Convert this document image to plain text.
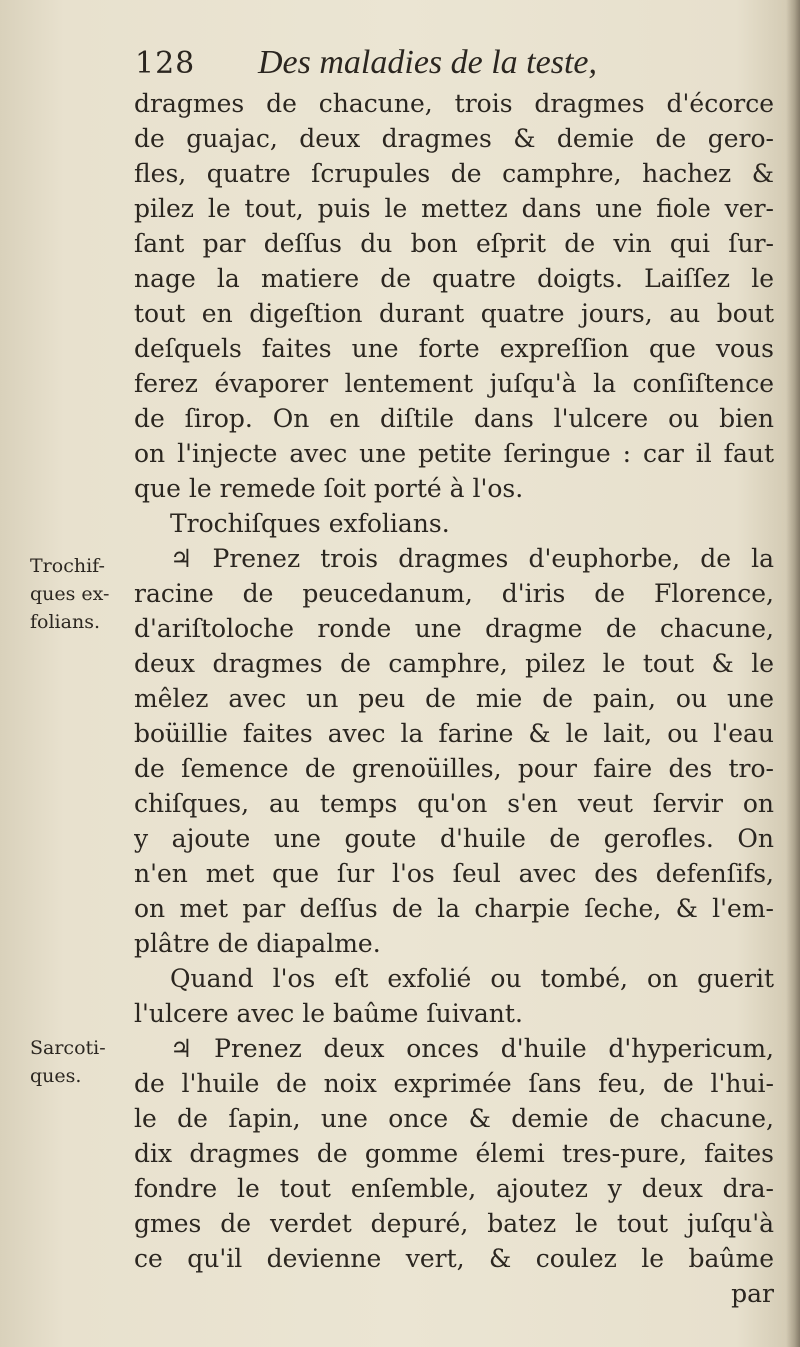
128 Des maladies de la teste,
Trochif-
ques ex-
folians.
Sarcoti-
ques.
dragmes de chacune, trois dragmes d'écorce
de guajac, deux dragmes & demie de gero-
fles, quatre ſcrupules de camphre, hachez &
pilez le tout, puis le mettez dans une fiole ver-
ſant par deſſus du bon eſprit de vin qui ſur-
nage la matiere de quatre doigts. Laiſſez le
tout en digeſtion durant quatre jours, au bout
deſquels faites une forte expreſſion que vous
ferez évaporer lentement juſqu'à la conſiſtence
de ſirop. On en diſtile dans l'ulcere ou bien
on l'injecte avec une petite ſeringue : car il faut
que le remede ſoit porté à l'os.
Trochiſques exfolians.
♃ Prenez trois dragmes d'euphorbe, de la
racine de peucedanum, d'iris de Florence,
d'ariſtoloche ronde une dragme de chacune,
deux dragmes de camphre, pilez le tout & le
mêlez avec un peu de mie de pain, ou une
boüillie faites avec la farine & le lait, ou l'eau
de ſemence de grenoüilles, pour faire des tro-
chiſques, au temps qu'on s'en veut ſervir on
y ajoute une goute d'huile de gerofles. On
n'en met que ſur l'os ſeul avec des defenſifs,
on met par deſſus de la charpie ſeche, & l'em-
plâtre de diapalme.
Quand l'os eſt exfolié ou tombé, on guerit
l'ulcere avec le baûme ſuivant.
♃ Prenez deux onces d'huile d'hypericum,
de l'huile de noix exprimée ſans feu, de l'hui-
le de ſapin, une once & demie de chacune,
dix dragmes de gomme élemi tres-pure, faites
fondre le tout enſemble, ajoutez y deux dra-
gmes de verdet depuré, batez le tout juſqu'à
ce qu'il devienne vert, & coulez le baûme
par
